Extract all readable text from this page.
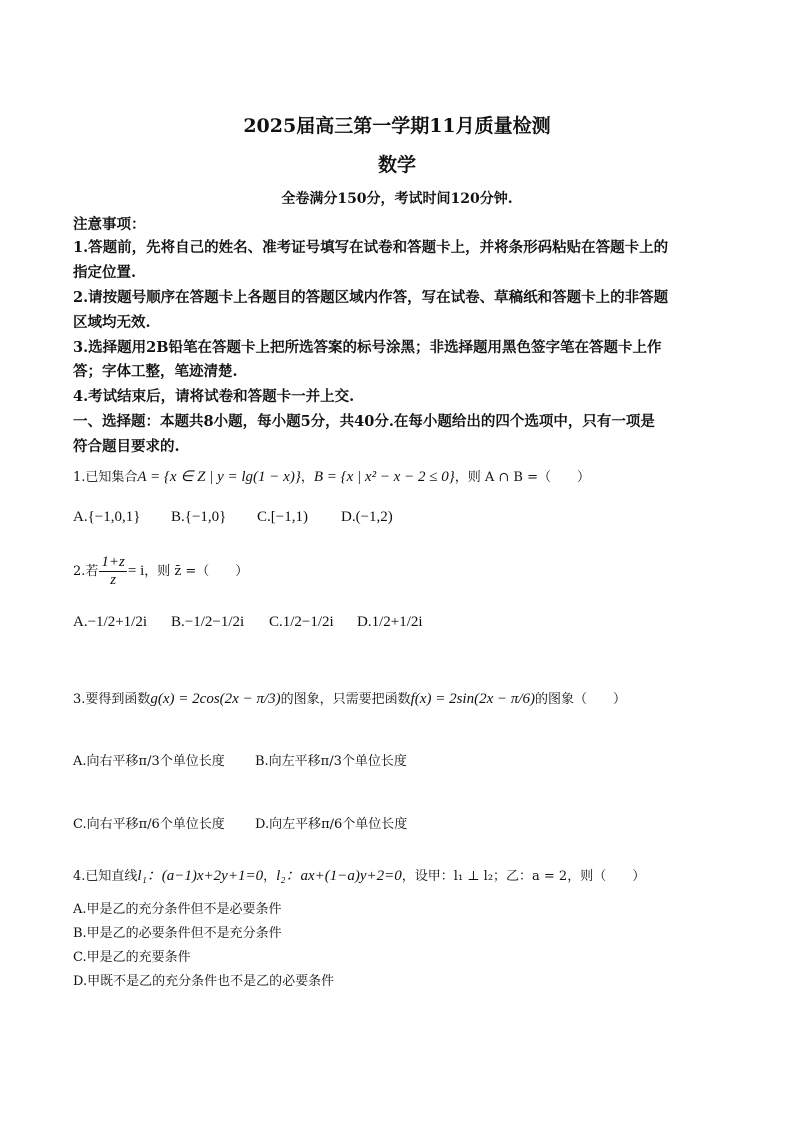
2025届高三第一学期11月质量检测
数学
全卷满分150分，考试时间120分钟.
注意事项：
1.答题前，先将自己的姓名、准考证号填写在试卷和答题卡上，并将条形码粘贴在答题卡上的
指定位置.
2.请按题号顺序在答题卡上各题目的答题区域内作答，写在试卷、草稿纸和答题卡上的非答题
区域均无效.
3.选择题用2B铅笔在答题卡上把所选答案的标号涂黑；非选择题用黑色签字笔在答题卡上作
答；字体工整，笔迹清楚.
4.考试结束后，请将试卷和答题卡一并上交.
一、选择题：本题共8小题，每小题5分，共40分.在每小题给出的四个选项中，只有一项是
符合题目要求的.
1.已知集合A = {x ∈ Z | y = lg(1 − x)}，B = {x | x² − x − 2 ≤ 0}，则 A ∩ B =（　　）
A.{−1,0,1} B.{−1,0} C.[−1,1) D.(−1,2)
2.若 $\frac{1+z}{z} = i$，则 z̄ =（　　）
A.−1/2+1/2i B.−1/2−1/2i C.1/2−1/2i D.1/2+1/2i
3.要得到函数g(x) = 2cos(2x − π/3)的图象，只需要把函数f(x) = 2sin(2x − π/6)的图象（　　）
A.向右平移π/3个单位长度 B.向左平移π/3个单位长度
C.向右平移π/6个单位长度 D.向左平移π/6个单位长度
4.已知直线l₁：(a−1)x+2y+1=0，l₂：ax+(1−a)y+2=0，设甲：l₁ ⊥ l₂；乙：a = 2，则（　　）
A.甲是乙的充分条件但不是必要条件
B.甲是乙的必要条件但不是充分条件
C.甲是乙的充要条件
D.甲既不是乙的充分条件也不是乙的必要条件
